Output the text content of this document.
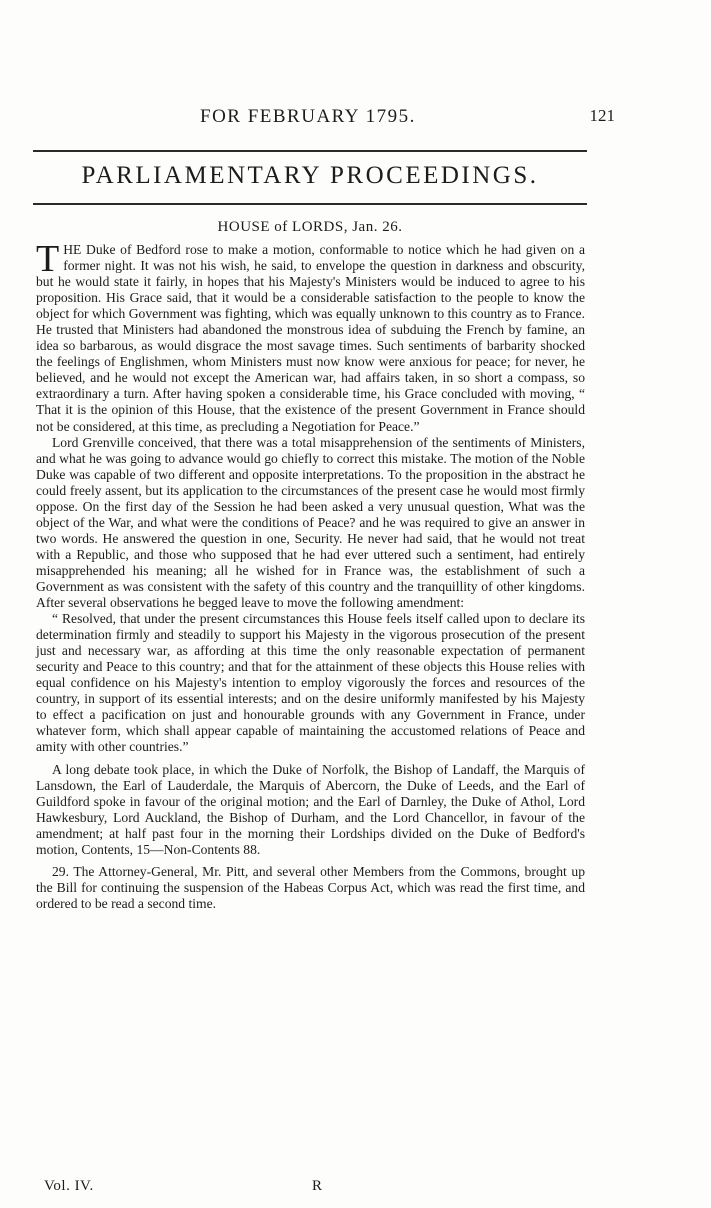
FOR FEBRUARY 1795.	121
PARLIAMENTARY PROCEEDINGS.
HOUSE of LORDS, Jan. 26.

T HE Duke of Bedford rose to make a motion, conformable to notice which he had given on a former night. It was not his wish, he said, to envelope the question in darkness and obscurity, but he would state it fairly, in hopes that his Majesty's Ministers would be induced to agree to his proposition. His Grace said, that it would be a considerable satisfaction to the people to know the object for which Government was fighting, which was equally unknown to this country as to France. He trusted that Ministers had abandoned the monstrous idea of subduing the French by famine, an idea so barbarous, as would disgrace the most savage times. Such sentiments of barbarity shocked the feelings of Englishmen, whom Ministers must now know were anxious for peace; for never, he believed, and he would not except the American war, had affairs taken, in so short a compass, so extraordinary a turn. After having spoken a considerable time, his Grace concluded with moving, “ That it is the opinion of this House, that the existence of the present Government in France should not be considered, at this time, as precluding a Negotiation for Peace.”

Lord Grenville conceived, that there was a total misapprehension of the sentiments of Ministers, and what he was going to advance would go chiefly to correct this mistake. The motion of the Noble Duke was capable of two different and opposite interpretations. To the proposition in the abstract he could freely assent, but its application to the circumstances of the present case he would most firmly oppose. On the first day of the Session he had been asked a very unusual question, What was the object of the War, and what were the conditions of Peace? and he was required to give an answer in two words. He answered the question in one, Security. He never had said, that he would not treat with a Republic, and those who supposed that he had ever uttered such a sentiment, had entirely misapprehended his meaning; all he wished for in France was, the establishment of such a Government as was consistent with the safety of this country and the tranquillity of other kingdoms. After several observations he begged leave to move the following amendment:

“ Resolved, that under the present circumstances this House feels itself called upon to declare its determination firmly and steadily to support his Majesty in the vigorous prosecution of the present just and necessary war, as affording at this time the only reasonable expectation of permanent security and Peace to this country; and that for the attainment of these objects this House relies with equal confidence on his Majesty's intention to employ vigorously the forces and resources of the country, in support of its essential interests; and on the desire uniformly manifested by his Majesty to effect a pacification on just and honourable grounds with any Government in France, under whatever form, which shall appear capable of maintaining the accustomed relations of Peace and amity with other countries.”

A long debate took place, in which the Duke of Norfolk, the Bishop of Landaff, the Marquis of Lansdown, the Earl of Lauderdale, the Marquis of Abercorn, the Duke of Leeds, and the Earl of Guildford spoke in favour of the original motion; and the Earl of Darnley, the Duke of Athol, Lord Hawkesbury, Lord Auckland, the Bishop of Durham, and the Lord Chancellor, in favour of the amendment; at half past four in the morning their Lordships divided on the Duke of Bedford's motion, Contents, 15—Non-Contents 88.

29. The Attorney-General, Mr. Pitt, and several other Members from the Commons, brought up the Bill for continuing the suspension of the Habeas Corpus Act, which was read the first time, and ordered to be read a second time.

Vol. IV.	R
